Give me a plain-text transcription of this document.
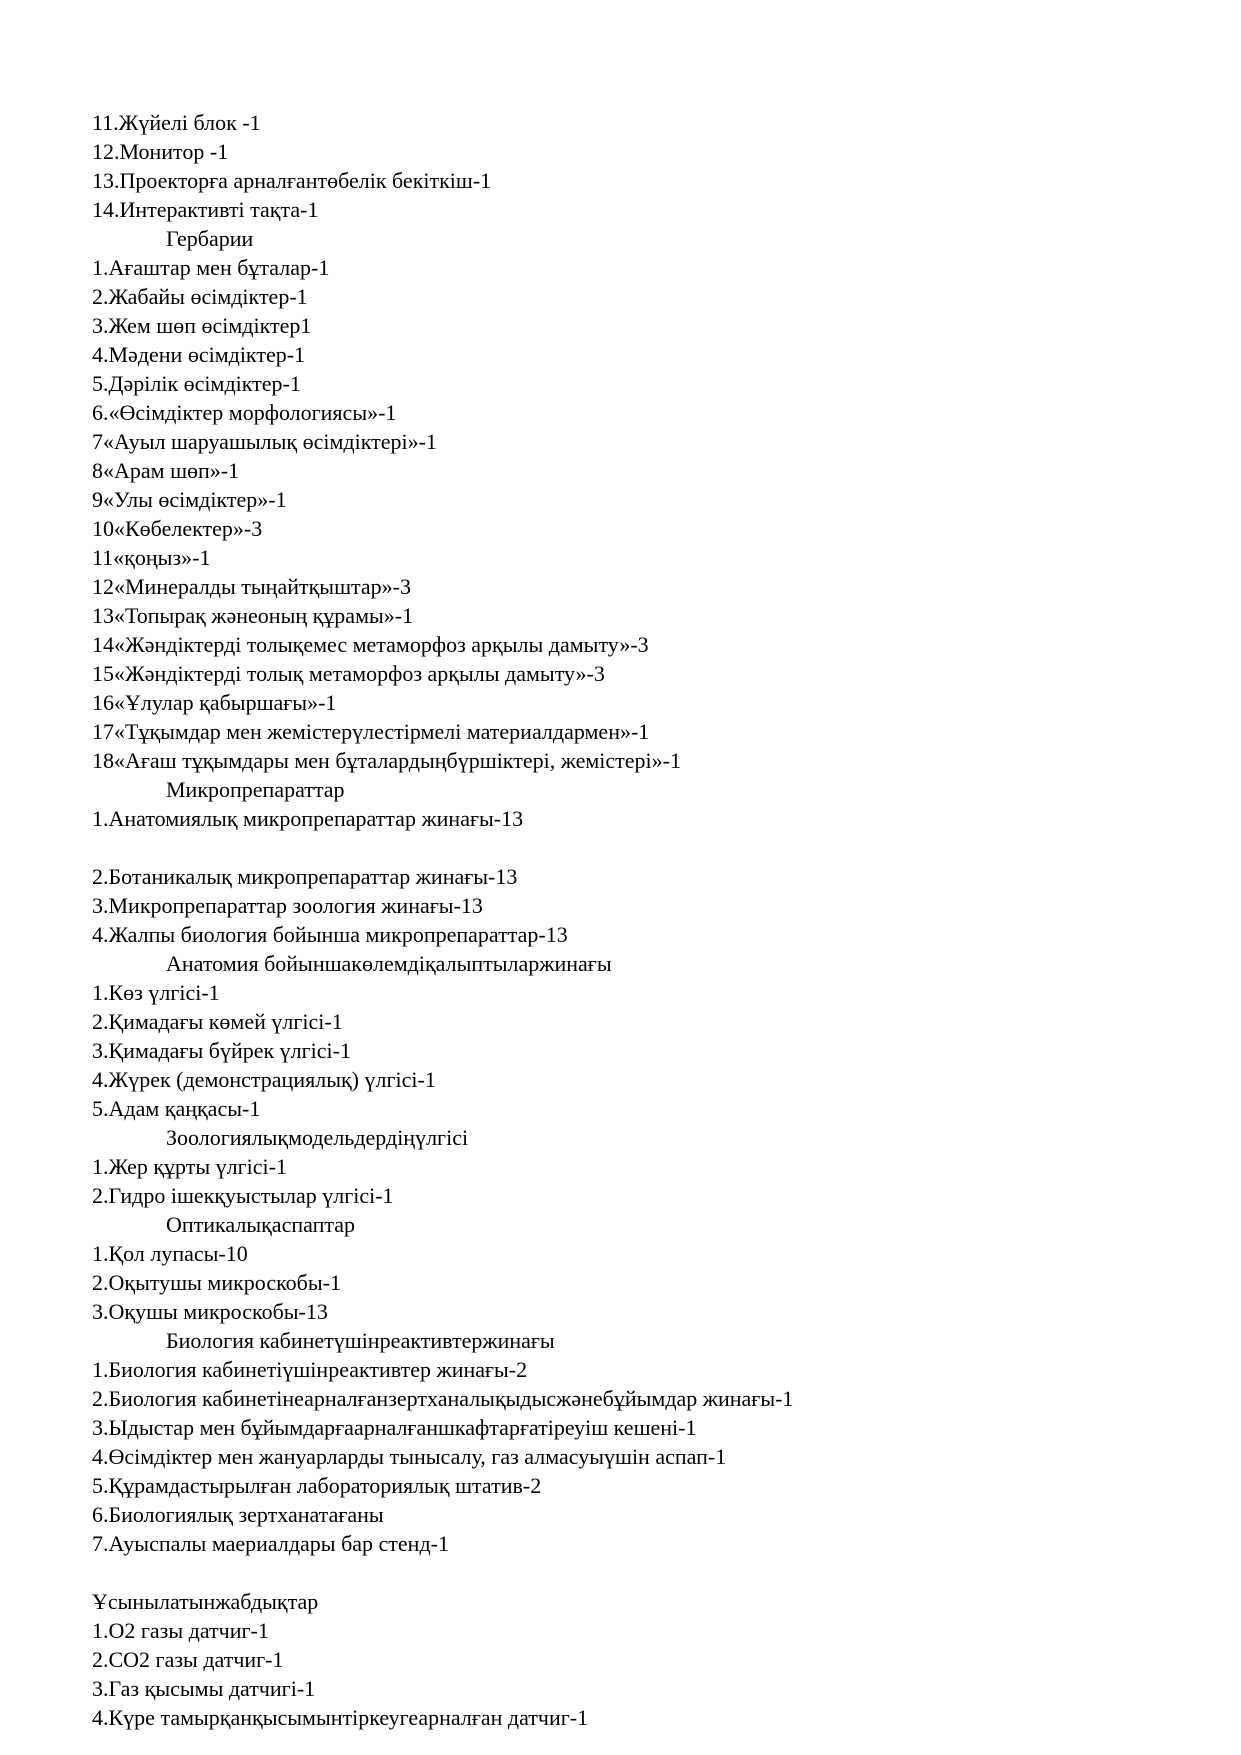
11.Жүйелі блок -1
12.Монитор -1
13.Проекторға арналғантөбелік бекіткіш-1
14.Интерактивті тақта-1
Гербарии
1.Ағаштар мен бұталар-1
2.Жабайы өсімдіктер-1
3.Жем шөп өсімдіктер1
4.Мәдени өсімдіктер-1
5.Дәрілік өсімдіктер-1
6.«Өсімдіктер морфологиясы»-1
7«Ауыл шаруашылық өсімдіктері»-1
8«Арам шөп»-1
9«Улы өсімдіктер»-1
10«Көбелектер»-3
11«қоңыз»-1
12«Минералды тыңайтқыштар»-3
13«Топырақ жәнеоның құрамы»-1
14«Жәндіктерді толықемес метаморфоз арқылы дамыту»-3
15«Жәндіктерді толық метаморфоз арқылы дамыту»-3
16«Ұлулар қабыршағы»-1
17«Тұқымдар мен жемістерүлестірмелі материалдармен»-1
18«Ағаш тұқымдары мен бұталардыңбүршіктері, жемістері»-1
Микропрепараттар
1.Анатомиялық микропрепараттар жинағы-13
2.Ботаникалық микропрепараттар жинағы-13
3.Микропрепараттар зоология жинағы-13
4.Жалпы биология бойынша микропрепараттар-13
Анатомия бойыншакөлемдіқалыптыларжинағы
1.Көз үлгісі-1
2.Қимадағы көмей үлгісі-1
3.Қимадағы бүйрек үлгісі-1
4.Жүрек (демонстрациялық) үлгісі-1
5.Адам қаңқасы-1
Зоологиялықмодельдердіңүлгісі
1.Жер құрты үлгісі-1
2.Гидро ішекқуыстылар үлгісі-1
Оптикалықаспаптар
1.Қол лупасы-10
2.Оқытушы микроскобы-1
3.Оқушы микроскобы-13
Биология кабинетүшінреактивтержинағы
1.Биология кабинетіүшінреактивтер жинағы-2
2.Биология кабинетінеарналғанзертханалықыдысжәнебұйымдар жинағы-1
3.Ыдыстар мен бұйымдарғаарналғаншкафтарғатіреуіш кешені-1
4.Өсімдіктер мен жануарларды тынысалу, газ алмасуыүшін аспап-1
5.Құрамдастырылған лабораториялық штатив-2
6.Биологиялық зертханатағаны
7.Ауыспалы маериалдары бар стенд-1
Ұсынылатынжабдықтар
1.О2 газы датчиг-1
2.СО2 газы датчиг-1
3.Газ қысымы датчигі-1
4.Күре тамырқанқысымынтіркеугеарналған датчиг-1
